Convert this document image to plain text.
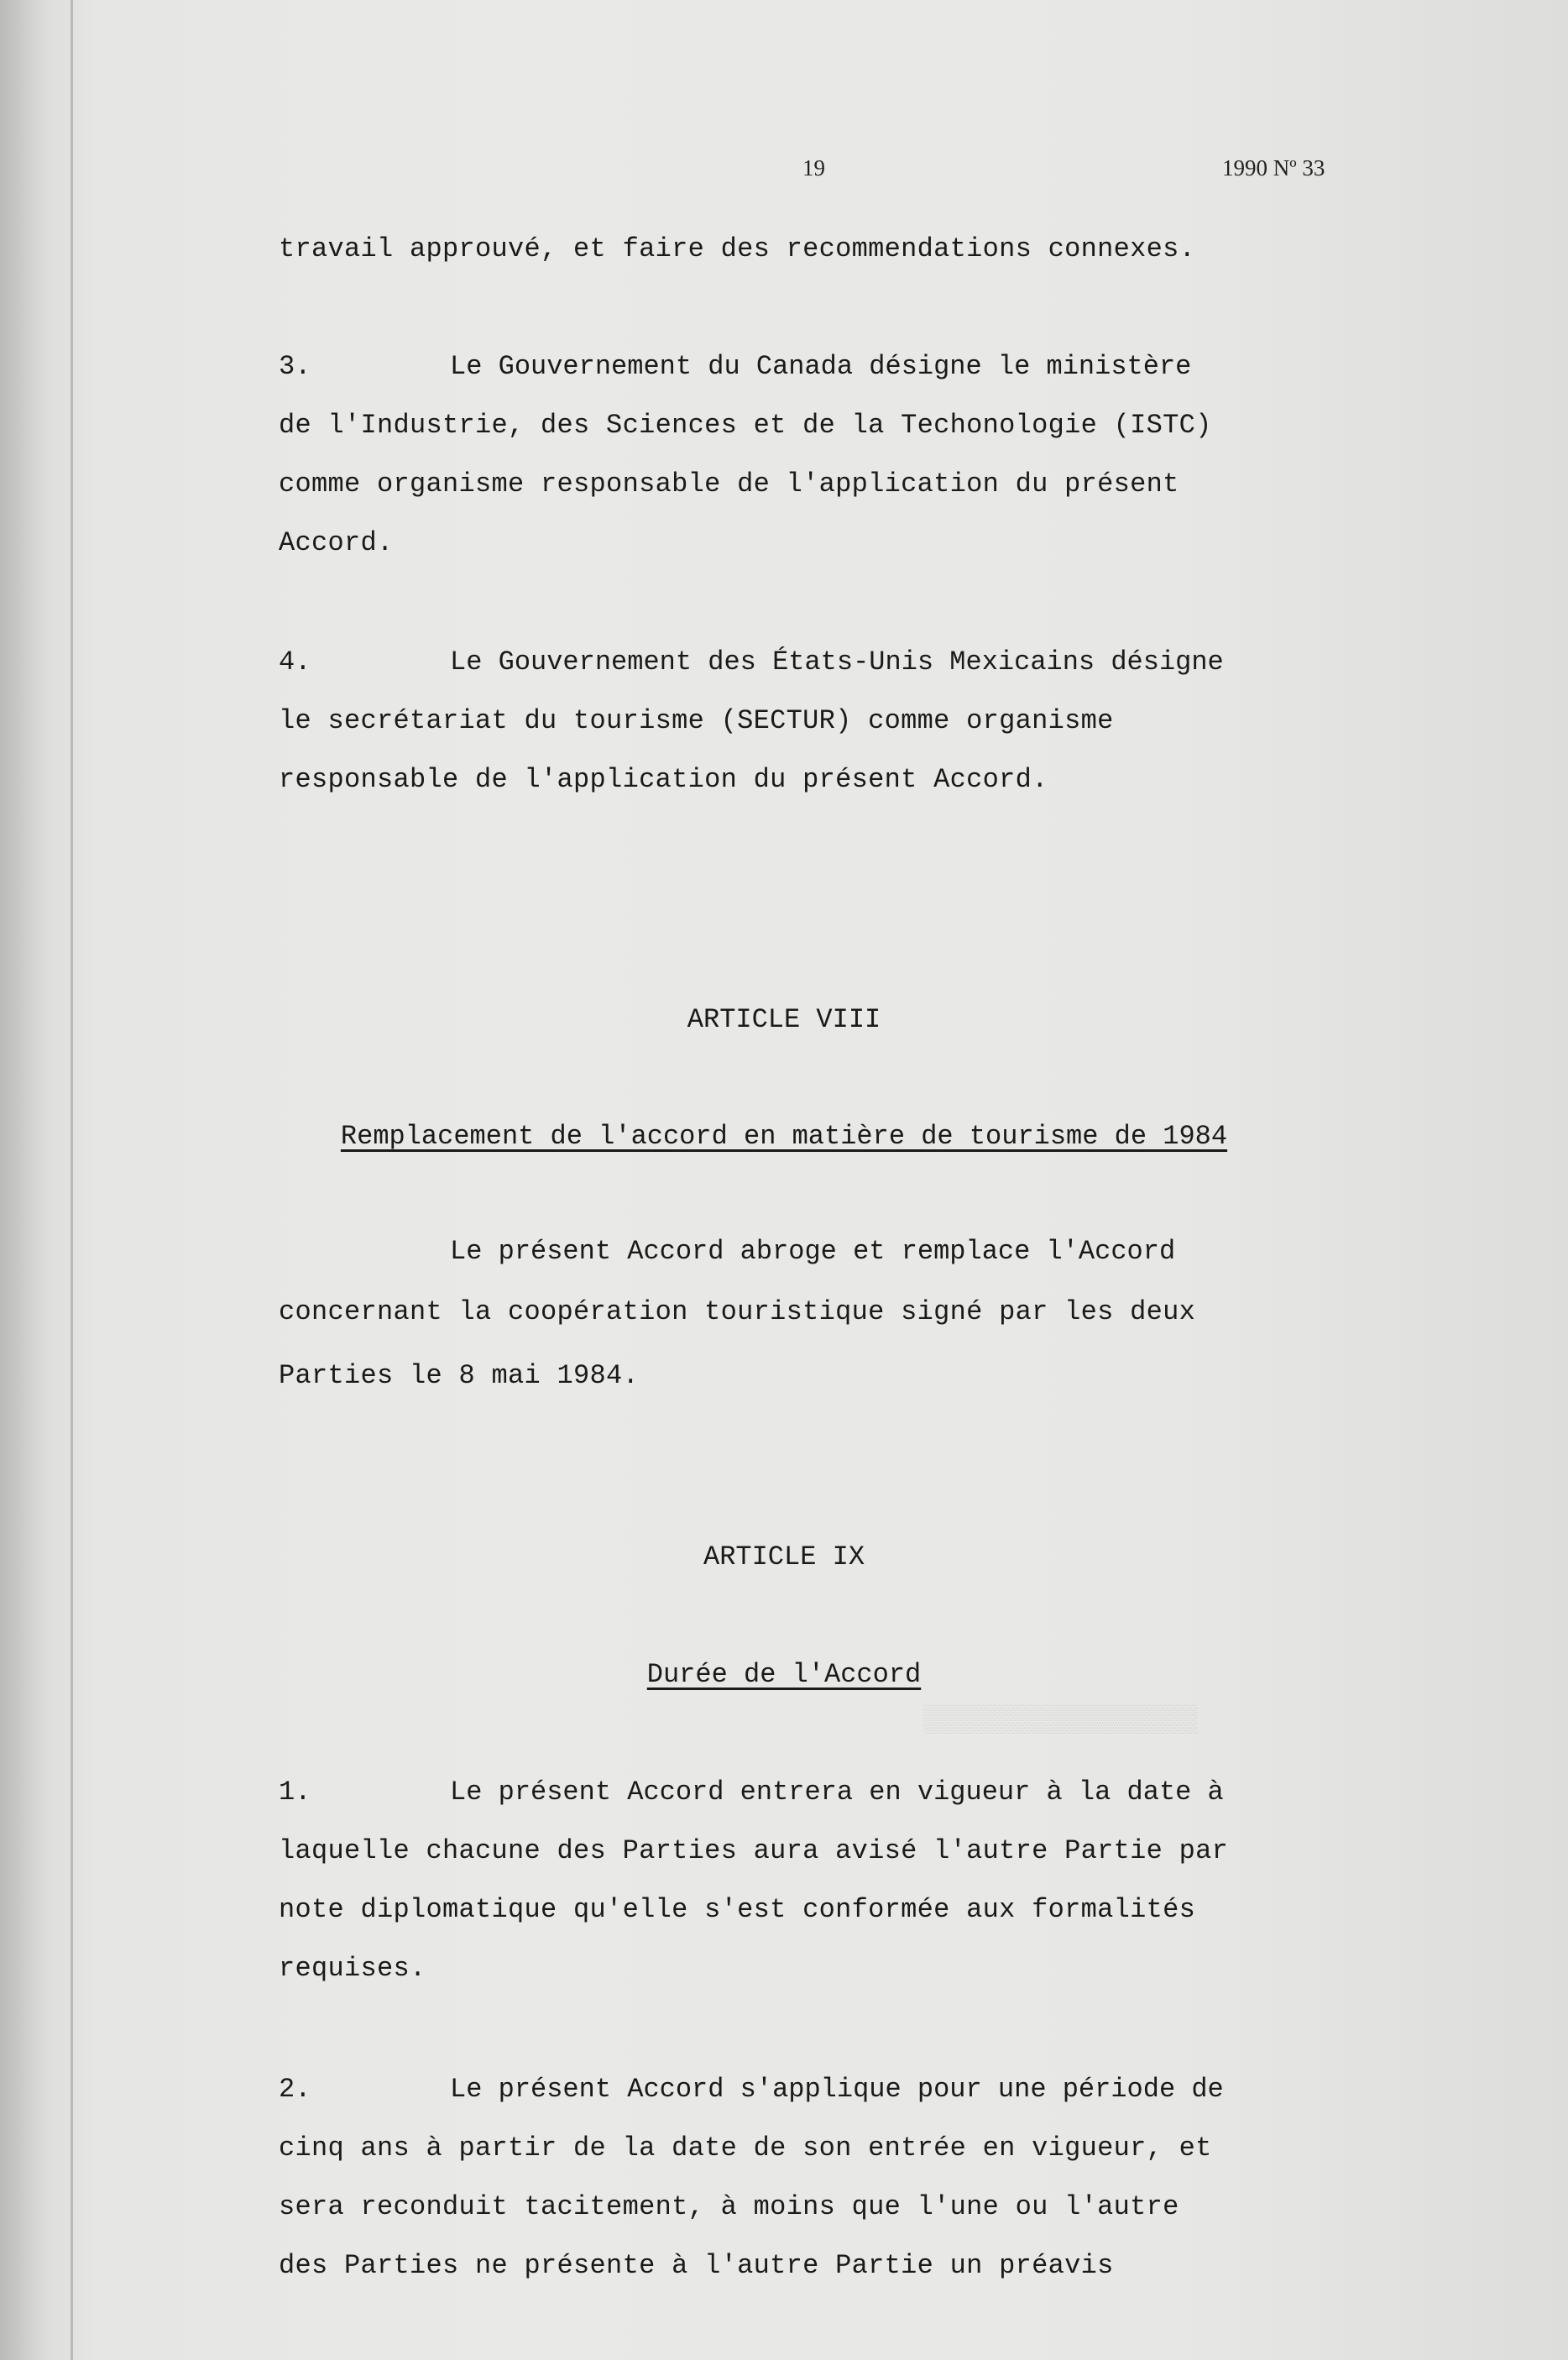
▒▒▒▒▒▒▒▒▒▒▒▒▒▒▒▒▒
19	1990 Nº 33
travail approuvé, et faire des recommendations connexes.
3.	Le Gouvernement du Canada désigne le ministère
de l'Industrie, des Sciences et de la Techonologie (ISTC)
comme organisme responsable de l'application du présent
Accord.
4.	Le Gouvernement des États-Unis Mexicains désigne
le secrétariat du tourisme (SECTUR) comme organisme
responsable de l'application du présent Accord.
ARTICLE VIII
Remplacement de l'accord en matière de tourisme de 1984
Le présent Accord abroge et remplace l'Accord
concernant la coopération touristique signé par les deux
Parties le 8 mai 1984.
ARTICLE IX
Durée de l'Accord
1.	Le présent Accord entrera en vigueur à la date à
laquelle chacune des Parties aura avisé l'autre Partie par
note diplomatique qu'elle s'est conformée aux formalités
requises.
2.	Le présent Accord s'applique pour une période de
cinq ans à partir de la date de son entrée en vigueur, et
sera reconduit tacitement, à moins que l'une ou l'autre
des Parties ne présente à l'autre Partie un préavis
